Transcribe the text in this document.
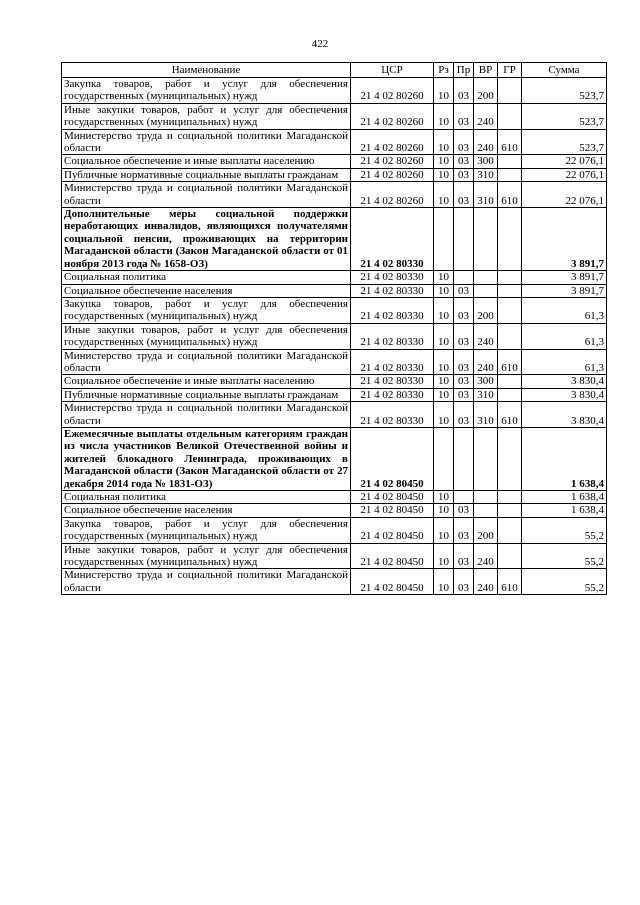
422
Наименование	ЦСР	Рз	Пр	ВР	ГР	Сумма
Закупка товаров, работ и услуг для обеспечения государственных (муниципальных) нужд	21 4 02 80260	10	03	200		523,7
Иные закупки товаров, работ и услуг для обеспечения государственных (муниципальных) нужд	21 4 02 80260	10	03	240		523,7
Министерство труда и социальной политики Магаданской области	21 4 02 80260	10	03	240	610	523,7
Социальное обеспечение и иные выплаты населению	21 4 02 80260	10	03	300		22 076,1
Публичные нормативные социальные выплаты гражданам	21 4 02 80260	10	03	310		22 076,1
Министерство труда и социальной политики Магаданской области	21 4 02 80260	10	03	310	610	22 076,1
Дополнительные меры социальной поддержки неработающих инвалидов, являющихся получателями социальной пенсии, проживающих на территории Магаданской области (Закон Магаданской области от 01 ноября 2013 года № 1658-ОЗ)	21 4 02 80330					3 891,7
Социальная политика	21 4 02 80330	10				3 891,7
Социальное обеспечение населения	21 4 02 80330	10	03			3 891,7
Закупка товаров, работ и услуг для обеспечения государственных (муниципальных) нужд	21 4 02 80330	10	03	200		61,3
Иные закупки товаров, работ и услуг для обеспечения государственных (муниципальных) нужд	21 4 02 80330	10	03	240		61,3
Министерство труда и социальной политики Магаданской области	21 4 02 80330	10	03	240	610	61,3
Социальное обеспечение и иные выплаты населению	21 4 02 80330	10	03	300		3 830,4
Публичные нормативные социальные выплаты гражданам	21 4 02 80330	10	03	310		3 830,4
Министерство труда и социальной политики Магаданской области	21 4 02 80330	10	03	310	610	3 830,4
Ежемесячные выплаты отдельным категориям граждан из числа участников Великой Отечественной войны и жителей блокадного Ленинграда, проживающих в Магаданской области (Закон Магаданской области от 27 декабря 2014 года № 1831-ОЗ)	21 4 02 80450					1 638,4
Социальная политика	21 4 02 80450	10				1 638,4
Социальное обеспечение населения	21 4 02 80450	10	03			1 638,4
Закупка товаров, работ и услуг для обеспечения государственных (муниципальных) нужд	21 4 02 80450	10	03	200		55,2
Иные закупки товаров, работ и услуг для обеспечения государственных (муниципальных) нужд	21 4 02 80450	10	03	240		55,2
Министерство труда и социальной политики Магаданской области	21 4 02 80450	10	03	240	610	55,2
